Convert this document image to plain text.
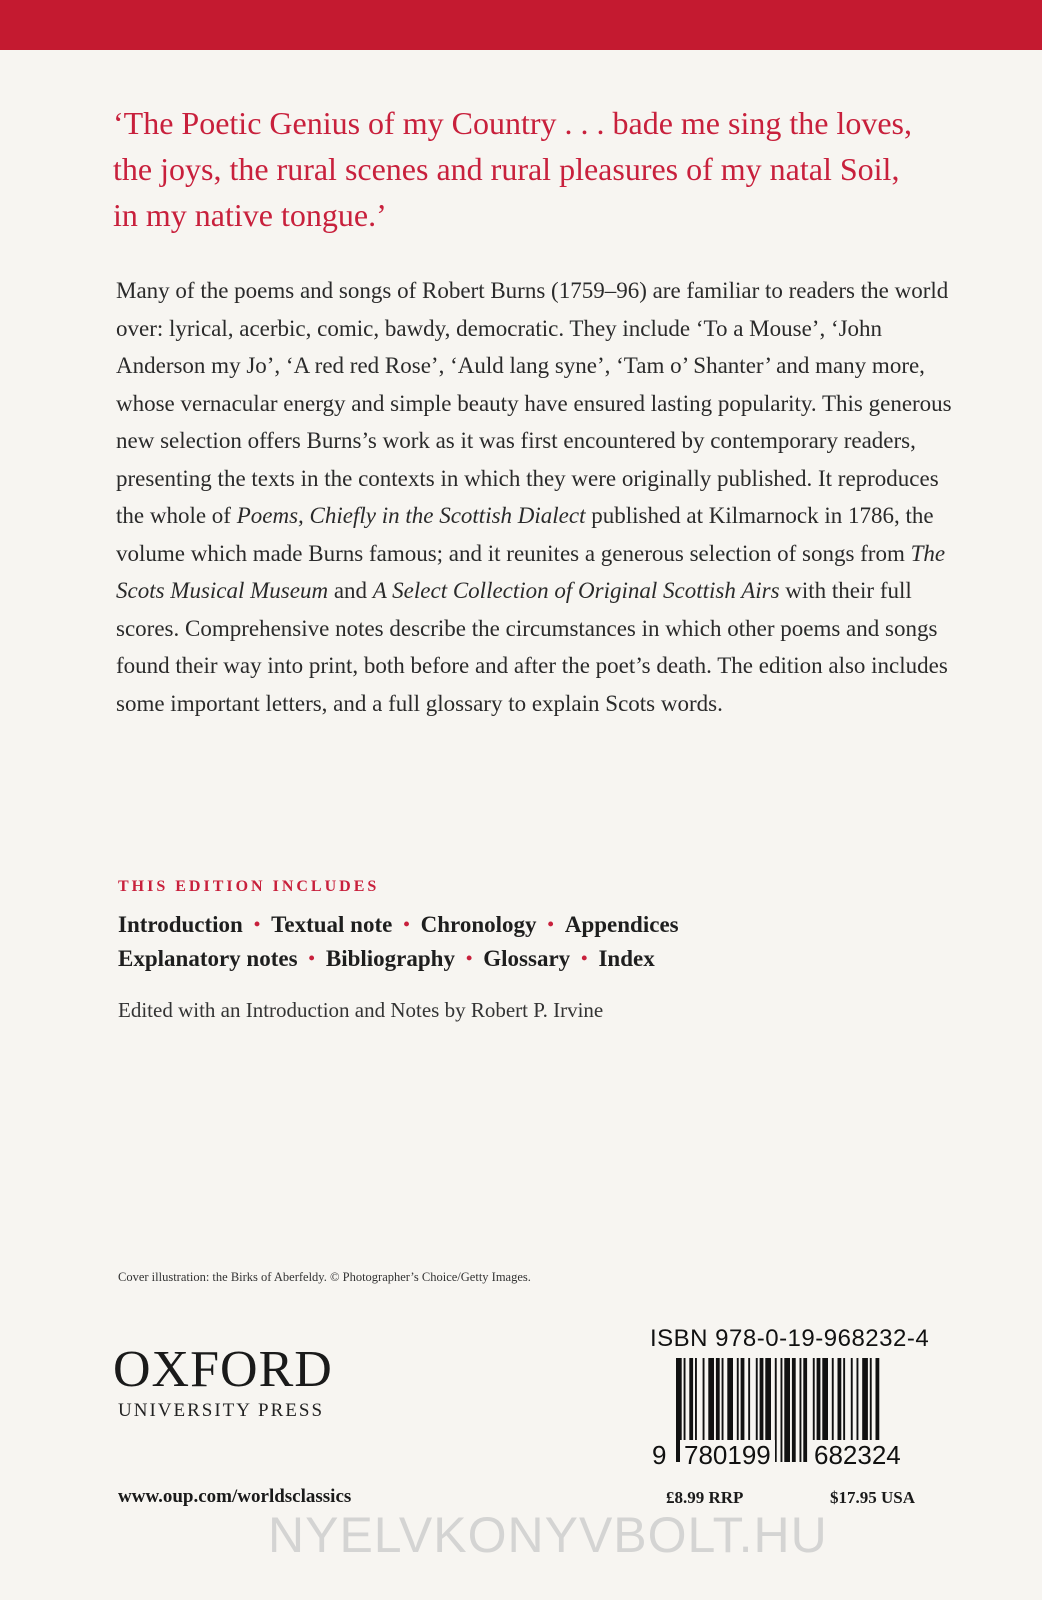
‘The Poetic Genius of my Country . . . bade me sing the loves, the joys, the rural scenes and rural pleasures of my natal Soil, in my native tongue.’
Many of the poems and songs of Robert Burns (1759–96) are familiar to readers the world over: lyrical, acerbic, comic, bawdy, democratic. They include ‘To a Mouse’, ‘John Anderson my Jo’, ‘A red red Rose’, ‘Auld lang syne’, ‘Tam o’ Shanter’ and many more, whose vernacular energy and simple beauty have ensured lasting popularity. This generous new selection offers Burns’s work as it was first encountered by contemporary readers, presenting the texts in the contexts in which they were originally published. It reproduces the whole of Poems, Chiefly in the Scottish Dialect published at Kilmarnock in 1786, the volume which made Burns famous; and it reunites a generous selection of songs from The Scots Musical Museum and A Select Collection of Original Scottish Airs with their full scores. Comprehensive notes describe the circumstances in which other poems and songs found their way into print, both before and after the poet’s death. The edition also includes some important letters, and a full glossary to explain Scots words.
THIS EDITION INCLUDES
Introduction • Textual note • Chronology • Appendices
Explanatory notes • Bibliography • Glossary • Index
Edited with an Introduction and Notes by Robert P. Irvine
Cover illustration: the Birks of Aberfeldy. © Photographer’s Choice/Getty Images.
OXFORD
UNIVERSITY PRESS
www.oup.com/worldsclassics
ISBN 978-0-19-968232-4
9 780199 682324
£8.99 RRP	$17.95 USA
NYELVKONYVBOLT.HU
